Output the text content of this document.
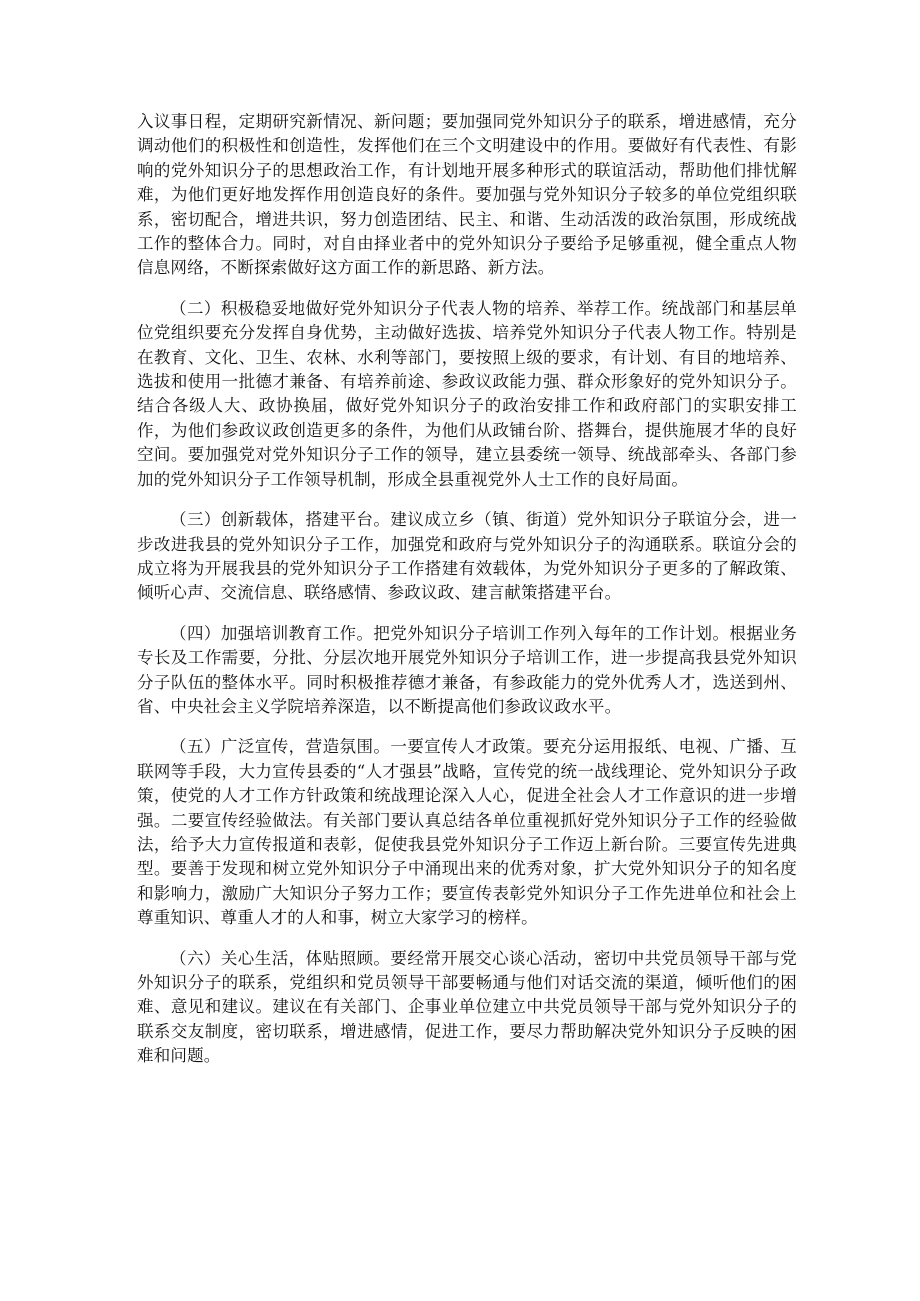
入议事日程，定期研究新情况、新问题；要加强同党外知识分子的联系，增进感情，充分调动他们的积极性和创造性，发挥他们在三个文明建设中的作用。要做好有代表性、有影响的党外知识分子的思想政治工作，有计划地开展多种形式的联谊活动，帮助他们排忧解难，为他们更好地发挥作用创造良好的条件。要加强与党外知识分子较多的单位党组织联系，密切配合，增进共识，努力创造团结、民主、和谐、生动活泼的政治氛围，形成统战工作的整体合力。同时，对自由择业者中的党外知识分子要给予足够重视，健全重点人物信息网络，不断探索做好这方面工作的新思路、新方法。

（二）积极稳妥地做好党外知识分子代表人物的培养、举荐工作。统战部门和基层单位党组织要充分发挥自身优势，主动做好选拔、培养党外知识分子代表人物工作。特别是在教育、文化、卫生、农林、水利等部门，要按照上级的要求，有计划、有目的地培养、选拔和使用一批德才兼备、有培养前途、参政议政能力强、群众形象好的党外知识分子。结合各级人大、政协换届，做好党外知识分子的政治安排工作和政府部门的实职安排工作，为他们参政议政创造更多的条件，为他们从政铺台阶、搭舞台，提供施展才华的良好空间。要加强党对党外知识分子工作的领导，建立县委统一领导、统战部牵头、各部门参加的党外知识分子工作领导机制，形成全县重视党外人士工作的良好局面。

（三）创新载体，搭建平台。建议成立乡（镇、街道）党外知识分子联谊分会，进一步改进我县的党外知识分子工作，加强党和政府与党外知识分子的沟通联系。联谊分会的成立将为开展我县的党外知识分子工作搭建有效载体，为党外知识分子更多的了解政策、倾听心声、交流信息、联络感情、参政议政、建言献策搭建平台。

（四）加强培训教育工作。把党外知识分子培训工作列入每年的工作计划。根据业务专长及工作需要，分批、分层次地开展党外知识分子培训工作，进一步提高我县党外知识分子队伍的整体水平。同时积极推荐德才兼备，有参政能力的党外优秀人才，选送到州、省、中央社会主义学院培养深造，以不断提高他们参政议政水平。

（五）广泛宣传，营造氛围。一要宣传人才政策。要充分运用报纸、电视、广播、互联网等手段，大力宣传县委的“人才强县”战略，宣传党的统一战线理论、党外知识分子政策，使党的人才工作方针政策和统战理论深入人心，促进全社会人才工作意识的进一步增强。二要宣传经验做法。有关部门要认真总结各单位重视抓好党外知识分子工作的经验做法，给予大力宣传报道和表彰，促使我县党外知识分子工作迈上新台阶。三要宣传先进典型。要善于发现和树立党外知识分子中涌现出来的优秀对象，扩大党外知识分子的知名度和影响力，激励广大知识分子努力工作；要宣传表彰党外知识分子工作先进单位和社会上尊重知识、尊重人才的人和事，树立大家学习的榜样。

（六）关心生活，体贴照顾。要经常开展交心谈心活动，密切中共党员领导干部与党外知识分子的联系，党组织和党员领导干部要畅通与他们对话交流的渠道，倾听他们的困难、意见和建议。建议在有关部门、企事业单位建立中共党员领导干部与党外知识分子的联系交友制度，密切联系，增进感情，促进工作，要尽力帮助解决党外知识分子反映的困难和问题。
